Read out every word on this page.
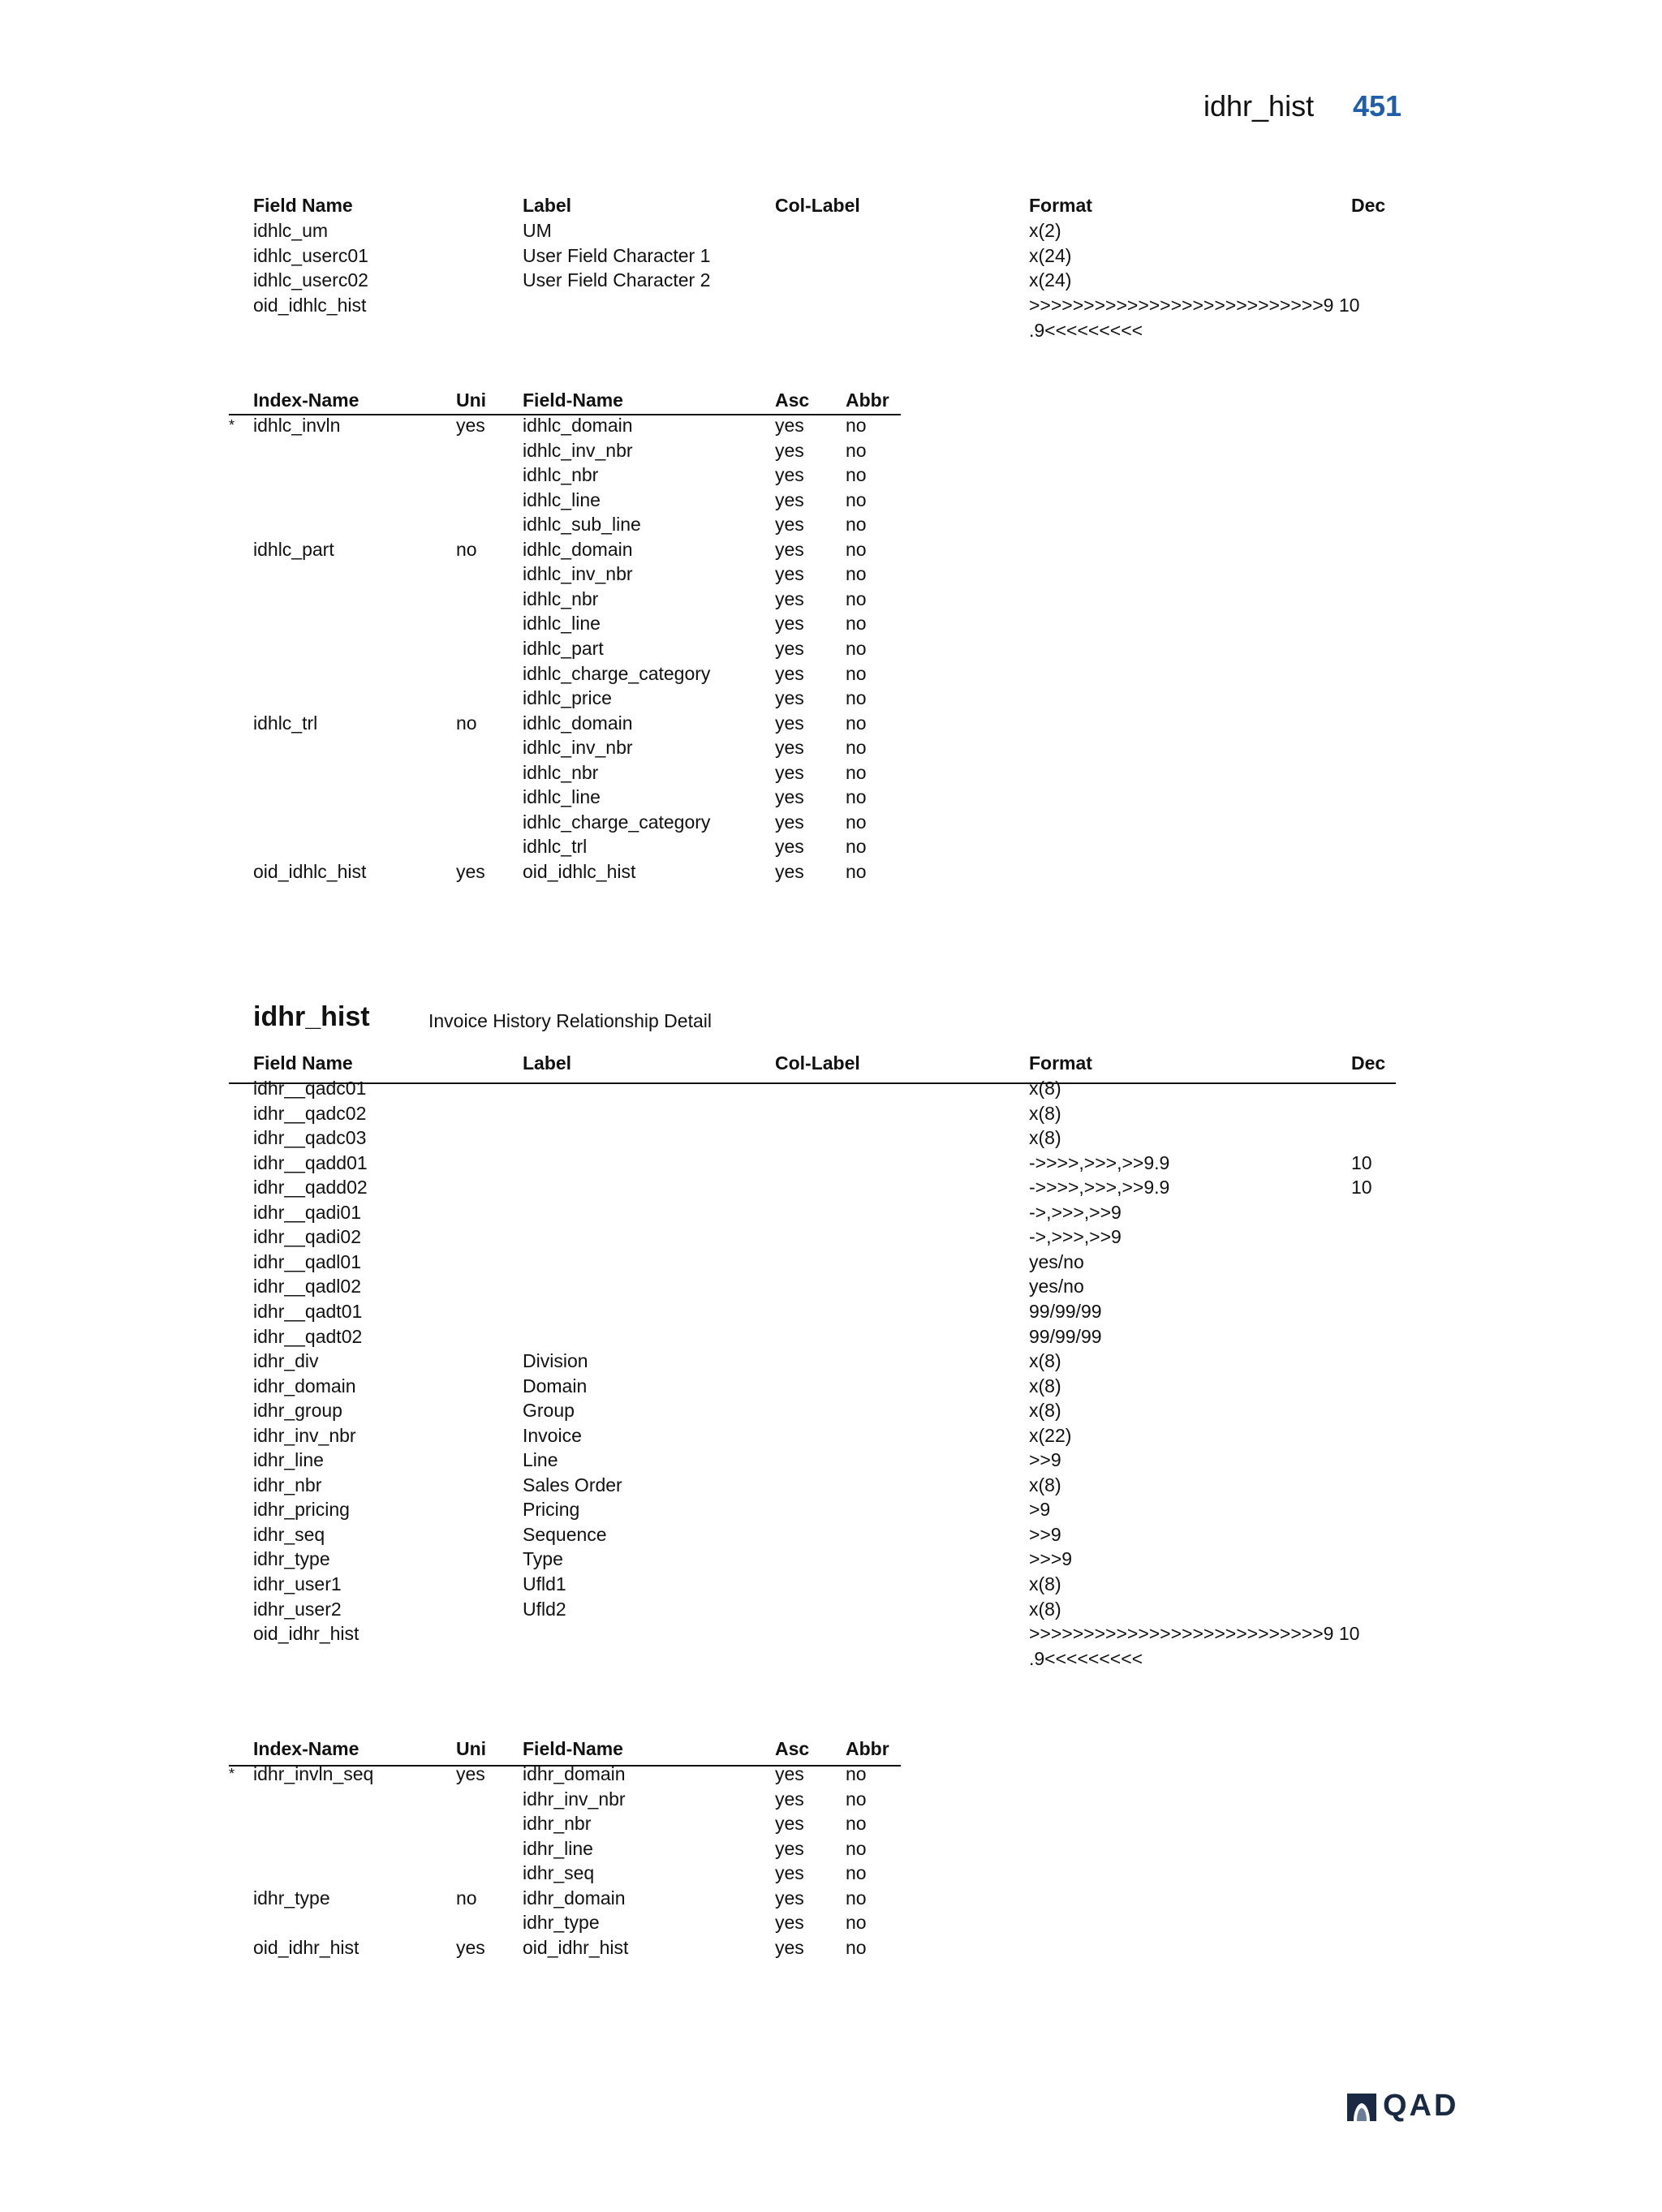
idhr_hist 451
Field Name	Label	Col-Label	Format	Dec
idhlc_um	UM	x(2)
idhlc_userc01	User Field Character 1	x(24)
idhlc_userc02	User Field Character 2	x(24)
oid_idhlc_hist	>>>>>>>>>>>>>>>>>>>>>>>>>>>9 10
.9<<<<<<<<<
Index-Name	Uni Field-Name	Asc Abbr
* idhlc_invln	yes idhlc_domain	yes no
idhlc_inv_nbr	yes no
idhlc_nbr	yes no
idhlc_line	yes no
idhlc_sub_line	yes no
idhlc_part	no idhlc_domain	yes no
idhlc_inv_nbr	yes no
idhlc_nbr	yes no
idhlc_line	yes no
idhlc_part	yes no
idhlc_charge_category	yes no
idhlc_price	yes no
idhlc_trl	no idhlc_domain	yes no
idhlc_inv_nbr	yes no
idhlc_nbr	yes no
idhlc_line	yes no
idhlc_charge_category	yes no
idhlc_trl	yes no
oid_idhlc_hist	yes oid_idhlc_hist	yes no
idhr_hist	Invoice History Relationship Detail
Field Name	Label	Col-Label	Format	Dec
idhr__qadc01	x(8)
idhr__qadc02	x(8)
idhr__qadc03	x(8)
idhr__qadd01	->>>>,>>>,>>9.9	10
idhr__qadd02	->>>>,>>>,>>9.9	10
idhr__qadi01	->,>>>,>>9
idhr__qadi02	->,>>>,>>9
idhr__qadl01	yes/no
idhr__qadl02	yes/no
idhr__qadt01	99/99/99
idhr__qadt02	99/99/99
idhr_div	Division	x(8)
idhr_domain	Domain	x(8)
idhr_group	Group	x(8)
idhr_inv_nbr	Invoice	x(22)
idhr_line	Line	>>9
idhr_nbr	Sales Order	x(8)
idhr_pricing	Pricing	>9
idhr_seq	Sequence	>>9
idhr_type	Type	>>>9
idhr_user1	Ufld1	x(8)
idhr_user2	Ufld2	x(8)
oid_idhr_hist	>>>>>>>>>>>>>>>>>>>>>>>>>>>9 10
.9<<<<<<<<<
Index-Name	Uni Field-Name	Asc Abbr
* idhr_invln_seq	yes idhr_domain	yes no
idhr_inv_nbr	yes no
idhr_nbr	yes no
idhr_line	yes no
idhr_seq	yes no
idhr_type	no idhr_domain	yes no
idhr_type	yes no
oid_idhr_hist	yes oid_idhr_hist	yes no
QAD
